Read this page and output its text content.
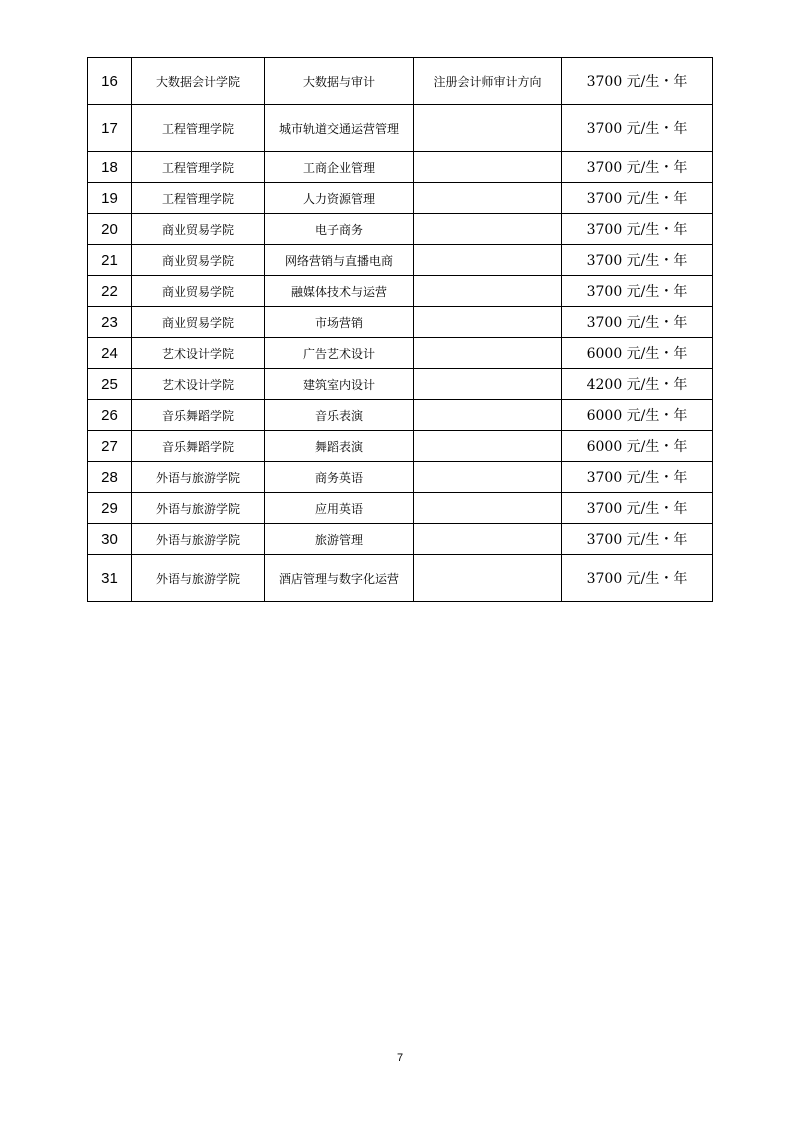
16	大数据会计学院	大数据与审计	注册会计师审计方向	3700 元/生・年
17	工程管理学院	城市轨道交通运营管理		3700 元/生・年
18	工程管理学院	工商企业管理		3700 元/生・年
19	工程管理学院	人力资源管理		3700 元/生・年
20	商业贸易学院	电子商务		3700 元/生・年
21	商业贸易学院	网络营销与直播电商		3700 元/生・年
22	商业贸易学院	融媒体技术与运营		3700 元/生・年
23	商业贸易学院	市场营销		3700 元/生・年
24	艺术设计学院	广告艺术设计		6000 元/生・年
25	艺术设计学院	建筑室内设计		4200 元/生・年
26	音乐舞蹈学院	音乐表演		6000 元/生・年
27	音乐舞蹈学院	舞蹈表演		6000 元/生・年
28	外语与旅游学院	商务英语		3700 元/生・年
29	外语与旅游学院	应用英语		3700 元/生・年
30	外语与旅游学院	旅游管理		3700 元/生・年
31	外语与旅游学院	酒店管理与数字化运营		3700 元/生・年
7
